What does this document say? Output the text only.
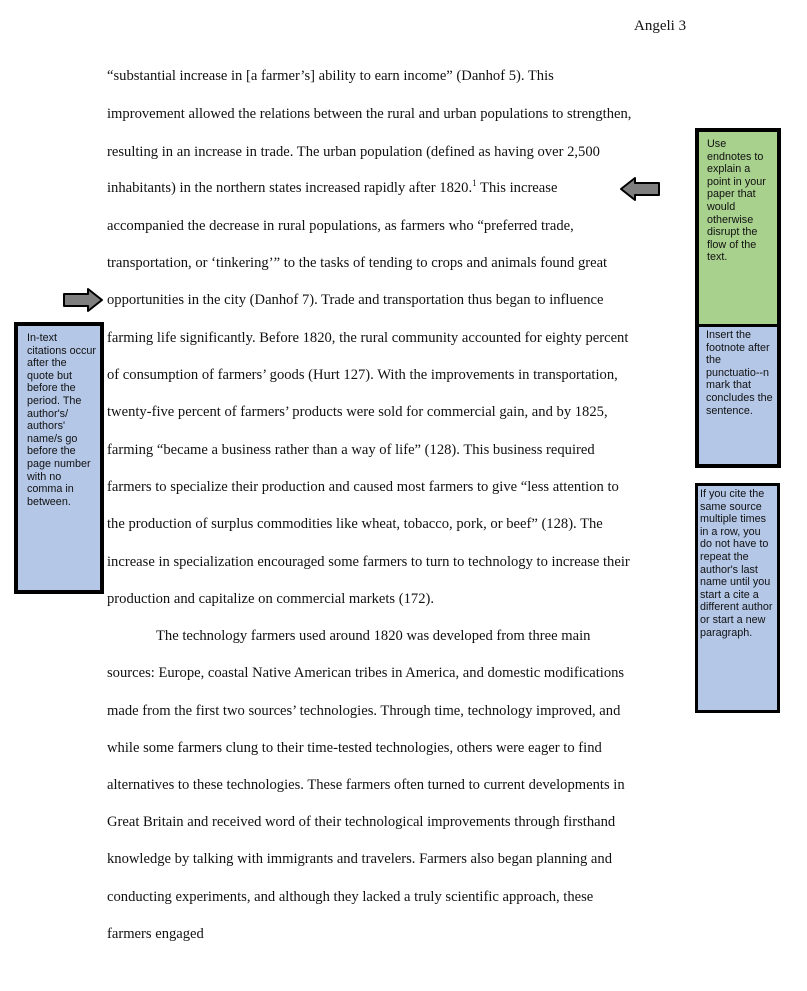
Angeli 3
“substantial increase in [a farmer’s] ability to earn income” (Danhof 5). This
improvement allowed the relations between the rural and urban populations to strengthen,
resulting in an increase in trade. The urban population (defined as having over 2,500
inhabitants) in the northern states increased rapidly after 1820.$^1$ This increase
accompanied the decrease in rural populations, as farmers who “preferred trade,
transportation, or ‘tinkering’” to the tasks of tending to crops and animals found great
opportunities in the city (Danhof 7). Trade and transportation thus began to influence
farming life significantly. Before 1820, the rural community accounted for eighty percent
of consumption of farmers’ goods (Hurt 127). With the improvements in transportation,
twenty-five percent of farmers’ products were sold for commercial gain, and by 1825,
farming “became a business rather than a way of life” (128). This business required
farmers to specialize their production and caused most farmers to give “less attention to
the production of surplus commodities like wheat, tobacco, pork, or beef” (128). The
increase in specialization encouraged some farmers to turn to technology to increase their
production and capitalize on commercial markets (172).
The technology farmers used around 1820 was developed from three main
sources: Europe, coastal Native American tribes in America, and domestic modifications
made from the first two sources’ technologies. Through time, technology improved, and
while some farmers clung to their time-tested technologies, others were eager to find
alternatives to these technologies. These farmers often turned to current developments in
Great Britain and received word of their technological improvements through firsthand
knowledge by talking with immigrants and travelers. Farmers also began planning and
conducting experiments, and although they lacked a truly scientific approach, these
farmers engaged
Use endnotes to explain a point in your paper that would otherwise disrupt the flow of the text.
Insert the footnote after the punctuatio--n mark that concludes the sentence.
If you cite the same source multiple times in a row, you do not have to repeat the author's last name until you start a cite a different author or start a new paragraph.
In-text citations occur after the quote but before the period. The author's/ authors' name/s go before the page number with no comma in between.
